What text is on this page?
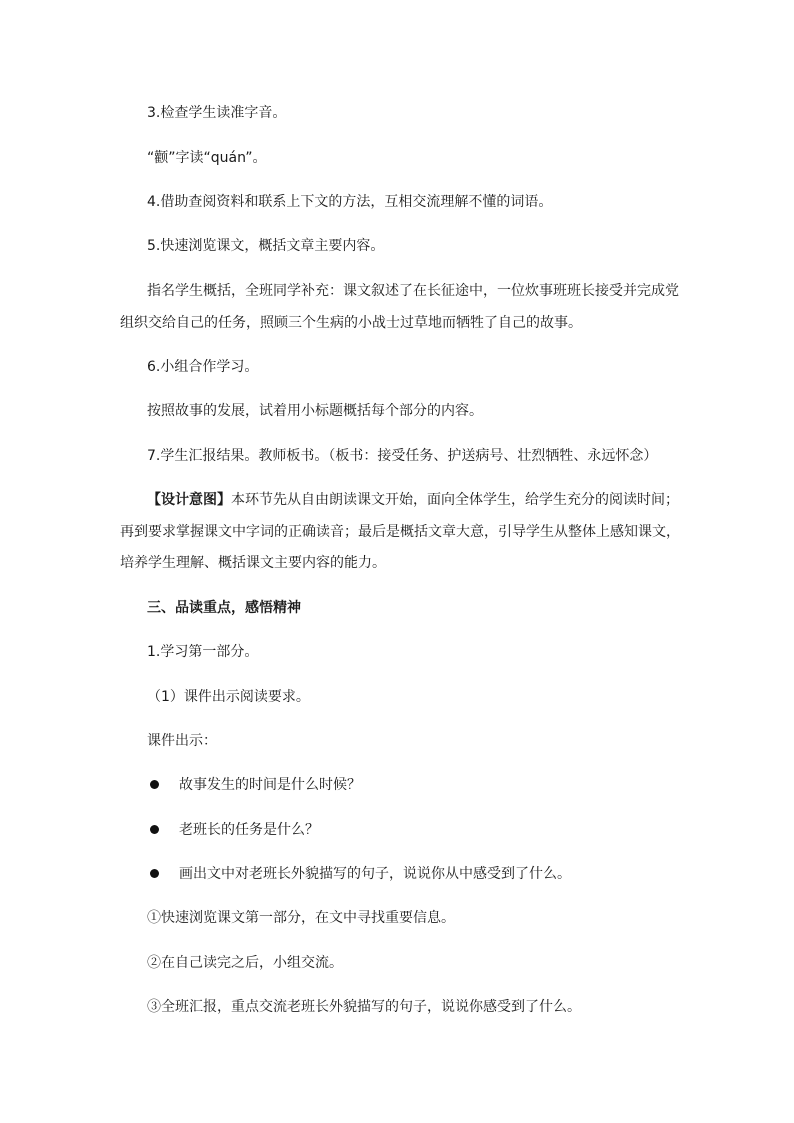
3.检查学生读准字音。
“颧”字读“quán”。
4.借助查阅资料和联系上下文的方法，互相交流理解不懂的词语。
5.快速浏览课文，概括文章主要内容。
指名学生概括，全班同学补充：课文叙述了在长征途中，一位炊事班班长接受并完成党
组织交给自己的任务，照顾三个生病的小战士过草地而牺牲了自己的故事。
6.小组合作学习。
按照故事的发展，试着用小标题概括每个部分的内容。
7.学生汇报结果。教师板书。（板书：接受任务、护送病号、壮烈牺牲、永远怀念）
【设计意图】本环节先从自由朗读课文开始，面向全体学生，给学生充分的阅读时间；
再到要求掌握课文中字词的正确读音；最后是概括文章大意，引导学生从整体上感知课文，
培养学生理解、概括课文主要内容的能力。
三、品读重点，感悟精神
1.学习第一部分。
（1）课件出示阅读要求。
课件出示：
故事发生的时间是什么时候？
老班长的任务是什么？
画出文中对老班长外貌描写的句子，说说你从中感受到了什么。
①快速浏览课文第一部分，在文中寻找重要信息。
②在自己读完之后，小组交流。
③全班汇报，重点交流老班长外貌描写的句子，说说你感受到了什么。
